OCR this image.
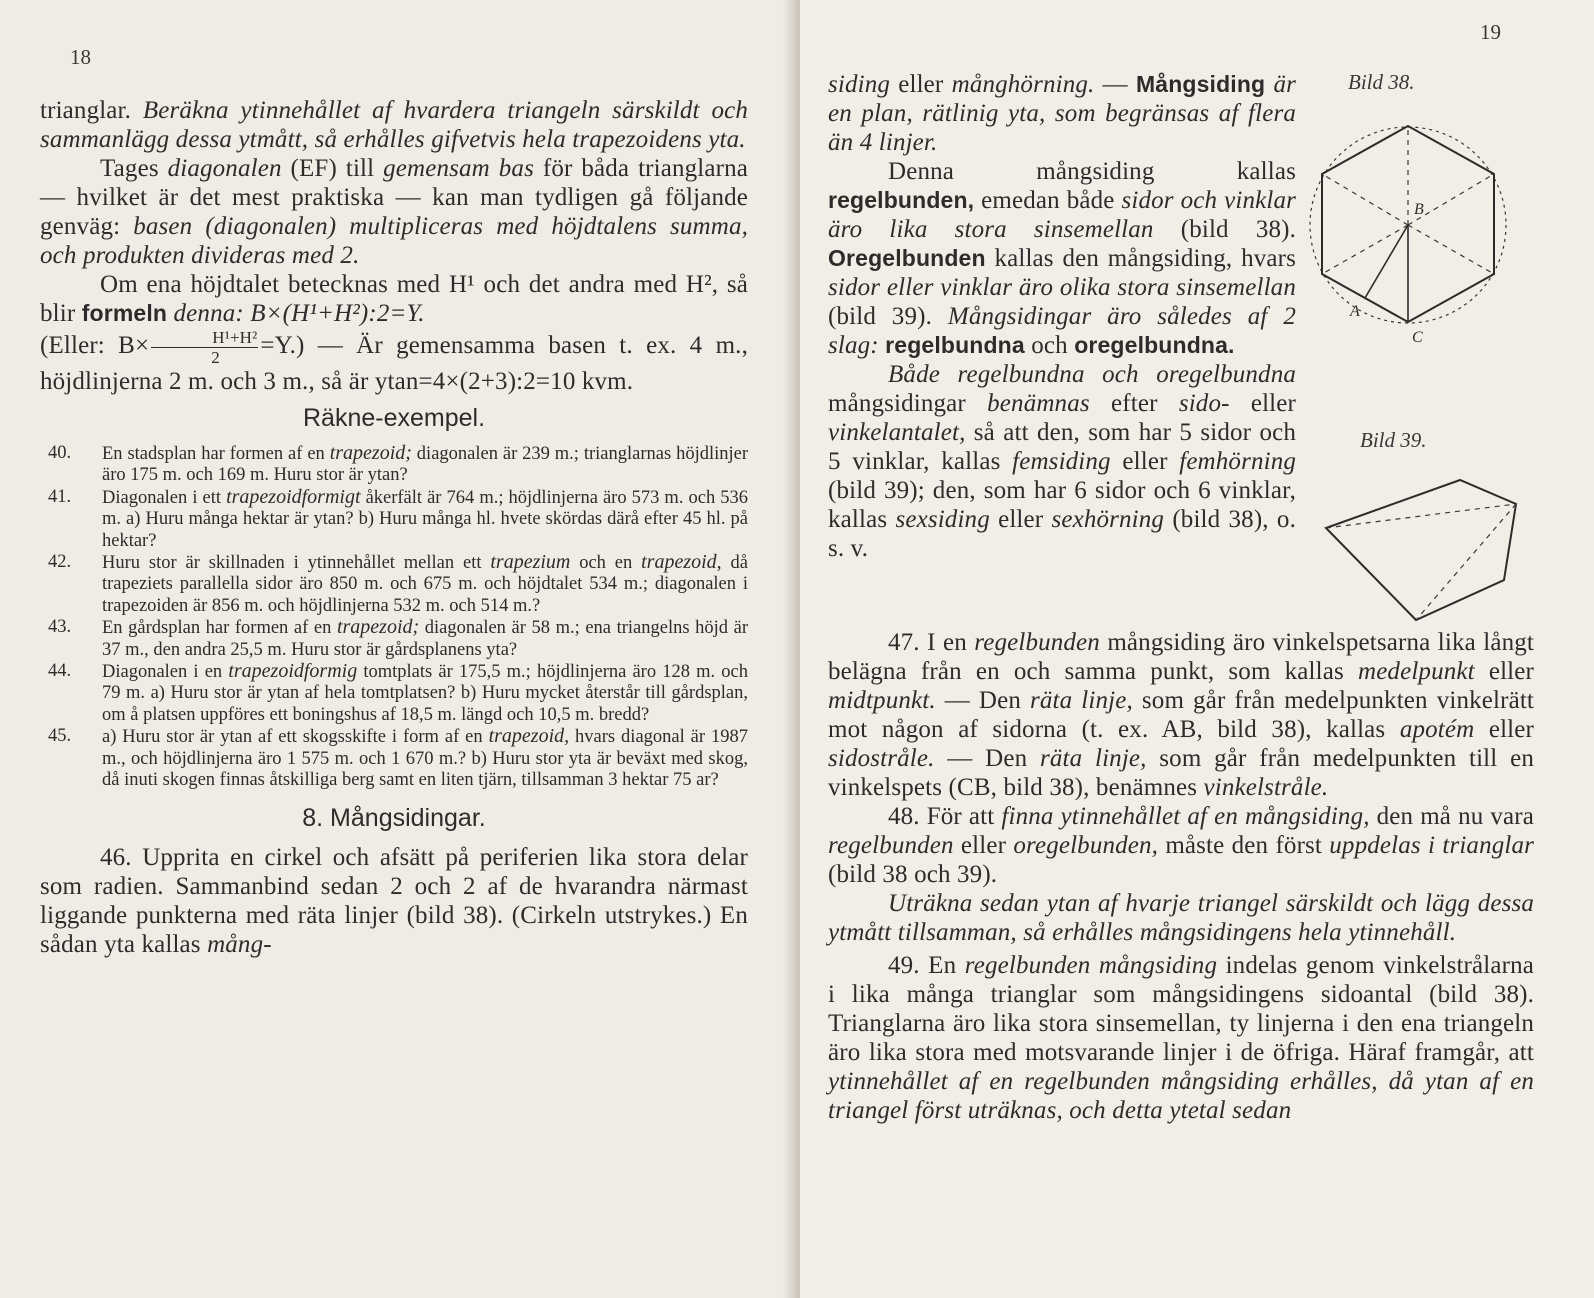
18

trianglar. Beräkna ytinnehållet af hvardera triangeln särskildt och sammanlägg dessa ytmått, så erhålles gifvetvis hela trapezoidens yta.

Tages diagonalen (EF) till gemensam bas för båda trianglarna — hvilket är det mest praktiska — kan man tydligen gå följande genväg: basen (diagonalen) multipliceras med höjdtalens summa, och produkten divideras med 2.

Om ena höjdtalet betecknas med H¹ och det andra med H², så blir formeln denna: B×(H¹+H²):2=Y.
(Eller: $B\times \frac{\text{H¹+H²}}{2} =Y$.) — Är gemensamma basen t. ex. 4 m., höjdlinjerna 2 m. och 3 m., så är ytan=4×(2+3):2=10 kvm.

Räkne-exempel.

40. En stadsplan har formen af en trapezoid; diagonalen är 239 m.; trianglarnas höjdlinjer äro 175 m. och 169 m. Huru stor är ytan?

41. Diagonalen i ett trapezoidformigt åkerfält är 764 m.; höjdlinjerna äro 573 m. och 536 m. a) Huru många hektar är ytan? b) Huru många hl. hvete skördas därå efter 45 hl. på hektar?

42. Huru stor är skillnaden i ytinnehållet mellan ett trapezium och en trapezoid, då trapeziets parallella sidor äro 850 m. och 675 m. och höjdtalet 534 m.; diagonalen i trapezoiden är 856 m. och höjdlinjerna 532 m. och 514 m.?

43. En gårdsplan har formen af en trapezoid; diagonalen är 58 m.; ena triangelns höjd är 37 m., den andra 25,5 m. Huru stor är gårdsplanens yta?

44. Diagonalen i en trapezoidformig tomtplats är 175,5 m.; höjdlinjerna äro 128 m. och 79 m. a) Huru stor är ytan af hela tomtplatsen? b) Huru mycket återstår till gårdsplan, om å platsen uppföres ett boningshus af 18,5 m. längd och 10,5 m. bredd?

45. a) Huru stor är ytan af ett skogsskifte i form af en trapezoid, hvars diagonal är 1987 m., och höjdlinjerna äro 1 575 m. och 1 670 m.? b) Huru stor yta är beväxt med skog, då inuti skogen finnas åtskilliga berg samt en liten tjärn, tillsamman 3 hektar 75 ar?

8. Mångsidingar.

46. Upprita en cirkel och afsätt på periferien lika stora delar som radien. Sammanbind sedan 2 och 2 af de hvarandra närmast liggande punkterna med räta linjer (bild 38). (Cirkeln utstrykes.) En sådan yta kallas mång-

19
Bild 38.
B
A
C
Bild 39.

siding eller månghörning. — Mångsiding är en plan, rätlinig yta, som begränsas af flera än 4 linjer.

Denna mångsiding kallas regelbunden, emedan både sidor och vinklar äro lika stora sinsemellan (bild 38). Oregelbunden kallas den mångsiding, hvars sidor eller vinklar äro olika stora sinsemellan (bild 39). Mångsidingar äro således af 2 slag: regelbundna och oregelbundna.

Både regelbundna och oregelbundna mångsidingar benämnas efter sido- eller vinkelantalet, så att den, som har 5 sidor och 5 vinklar, kallas femsiding eller femhörning (bild 39); den, som har 6 sidor och 6 vinklar, kallas sexsiding eller sexhörning (bild 38), o. s. v.

47. I en regelbunden mångsiding äro vinkelspetsarna lika långt belägna från en och samma punkt, som kallas medelpunkt eller midtpunkt. — Den räta linje, som går från medelpunkten vinkelrätt mot någon af sidorna (t. ex. AB, bild 38), kallas apotém eller sidostråle. — Den räta linje, som går från medelpunkten till en vinkelspets (CB, bild 38), benämnes vinkelstråle.

48. För att finna ytinnehållet af en mångsiding, den må nu vara regelbunden eller oregelbunden, måste den först uppdelas i trianglar (bild 38 och 39).

Uträkna sedan ytan af hvarje triangel särskildt och lägg dessa ytmått tillsamman, så erhålles mångsidingens hela ytinnehåll.

49. En regelbunden mångsiding indelas genom vinkelstrålarna i lika många trianglar som mångsidingens sidoantal (bild 38). Trianglarna äro lika stora sinsemellan, ty linjerna i den ena triangeln äro lika stora med motsvarande linjer i de öfriga. Häraf framgår, att ytinnehållet af en regelbunden mångsiding erhålles, då ytan af en triangel först uträknas, och detta ytetal sedan
